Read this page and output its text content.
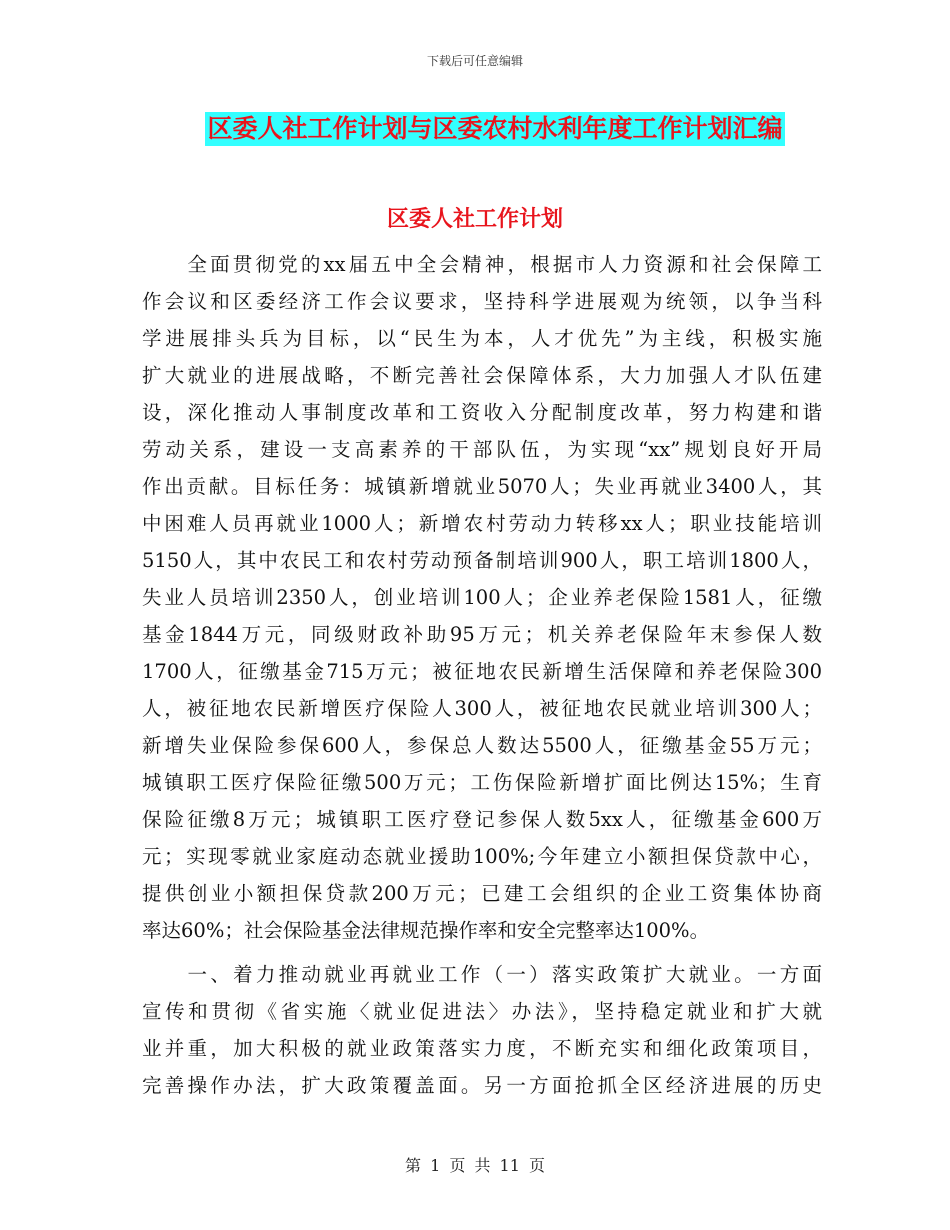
下载后可任意编辑
区委人社工作计划与区委农村水利年度工作计划汇编
区委人社工作计划
　　全面贯彻党的xx届五中全会精神，根据市人力资源和社会保障工
作会议和区委经济工作会议要求，坚持科学进展观为统领，以争当科
学进展排头兵为目标，以“民生为本，人才优先”为主线，积极实施
扩大就业的进展战略，不断完善社会保障体系，大力加强人才队伍建
设，深化推动人事制度改革和工资收入分配制度改革，努力构建和谐
劳动关系，建设一支高素养的干部队伍，为实现“xx”规划良好开局
作出贡献。目标任务：城镇新增就业5070人；失业再就业3400人，其
中困难人员再就业1000人；新增农村劳动力转移xx人；职业技能培训
5150人，其中农民工和农村劳动预备制培训900人，职工培训1800人，
失业人员培训2350人，创业培训100人；企业养老保险1581人，征缴
基金1844万元，同级财政补助95万元；机关养老保险年末参保人数
1700人，征缴基金715万元；被征地农民新增生活保障和养老保险300
人，被征地农民新增医疗保险人300人，被征地农民就业培训300人；
新增失业保险参保600人，参保总人数达5500人，征缴基金55万元；
城镇职工医疗保险征缴500万元；工伤保险新增扩面比例达15%；生育
保险征缴8万元；城镇职工医疗登记参保人数5xx人，征缴基金600万
元；实现零就业家庭动态就业援助100%;今年建立小额担保贷款中心，
提供创业小额担保贷款200万元；已建工会组织的企业工资集体协商
率达60%；社会保险基金法律规范操作率和安全完整率达100%。
　　一、着力推动就业再就业工作（一）落实政策扩大就业。一方面
宣传和贯彻《省实施〈就业促进法〉办法》，坚持稳定就业和扩大就
业并重，加大积极的就业政策落实力度，不断充实和细化政策项目，
完善操作办法，扩大政策覆盖面。另一方面抢抓全区经济进展的历史
第 1 页 共 11 页
